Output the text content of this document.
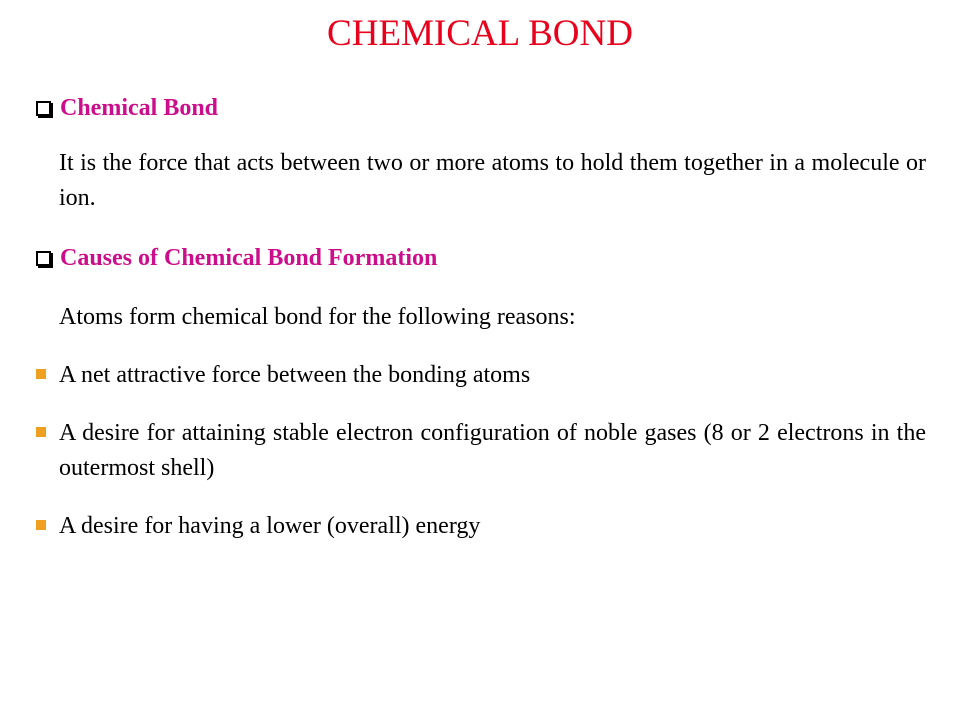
CHEMICAL BOND
Chemical Bond
It is the force that acts between two or more atoms to hold them together in a molecule or ion.
Causes of Chemical Bond Formation
Atoms form chemical bond for the following reasons:
A net attractive force between the bonding atoms
A desire for attaining stable electron configuration of noble gases (8 or 2 electrons in the outermost shell)
A desire for having a lower (overall) energy
